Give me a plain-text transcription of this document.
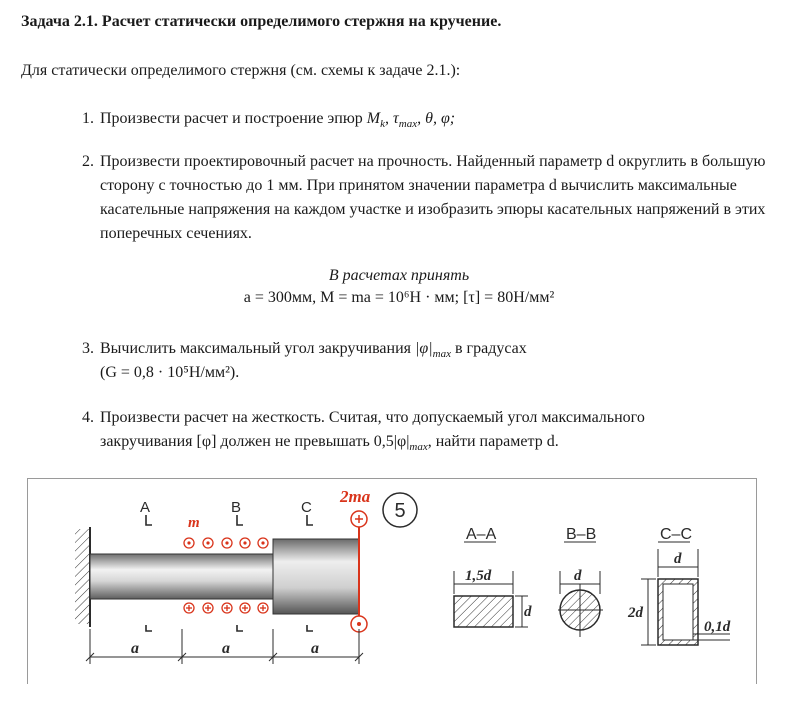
Задача 2.1. Расчет статически определимого стержня на кручение.
Для статически определимого стержня (см. схемы к задаче 2.1.):
1. Произвести расчет и построение эпюр $M_k$, $\tau_{max}$, θ, φ;
2. Произвести проектировочный расчет на прочность. Найденный параметр d округлить в большую сторону с точностью до 1 мм. При принятом значении параметра d вычислить максимальные касательные напряжения на каждом участке и изобразить эпюры касательных напряжений в этих поперечных сечениях.
3. Вычислить максимальный угол закручивания $|\varphi|_{max}$ в градусах
(G = 0,8 · 10⁵Н/мм²).
4. Произвести расчет на жесткость. Считая, что допускаемый угол максимального
закручивания [φ] должен не превышать $0,5|\varphi|_{max}$, найти параметр d.
В расчетах принять
a = 300мм, M = ma = 10⁶Н · мм; [τ] = 80Н/мм²
2ma
m
A	B	C	5
a	a	a
A–A
1,5d
d
B–B
d
C–C
d
2d
0,1d
